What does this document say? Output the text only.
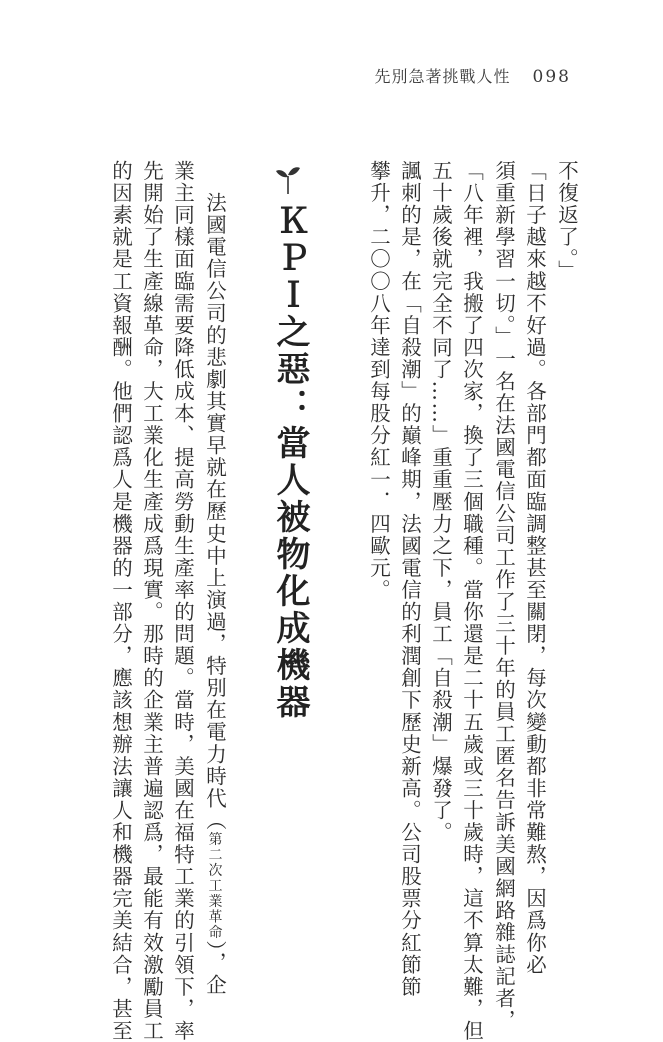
先別急著挑戰人性 098
不復返了。」
「日子越來越不好過。各部門都面臨調整甚至關閉，每次變動都非常難熬，因爲你必
須重新學習一切。」一名在法國電信公司工作了三十年的員工匿名告訴美國網路雜誌記者，
「八年裡，我搬了四次家，換了三個職種。當你還是二十五歲或三十歲時，這不算太難，但
五十歲後就完全不同了……」重重壓力之下，員工「自殺潮」爆發了。
諷刺的是，在「自殺潮」的巔峰期，法國電信的利潤創下歷史新高。公司股票分紅節節
攀升，二〇〇八年達到每股分紅一．四歐元。
ＫＰＩ之惡：當人被物化成機器
法國電信公司的悲劇其實早就在歷史中上演過，特別在電力時代（第二次工業革命），企
業主同樣面臨需要降低成本、提高勞動生產率的問題。當時，美國在福特工業的引領下，率
先開始了生產線革命，大工業化生產成爲現實。那時的企業主普遍認爲，最能有效激勵員工
的因素就是工資報酬。他們認爲人是機器的一部分，應該想辦法讓人和機器完美結合，甚至
